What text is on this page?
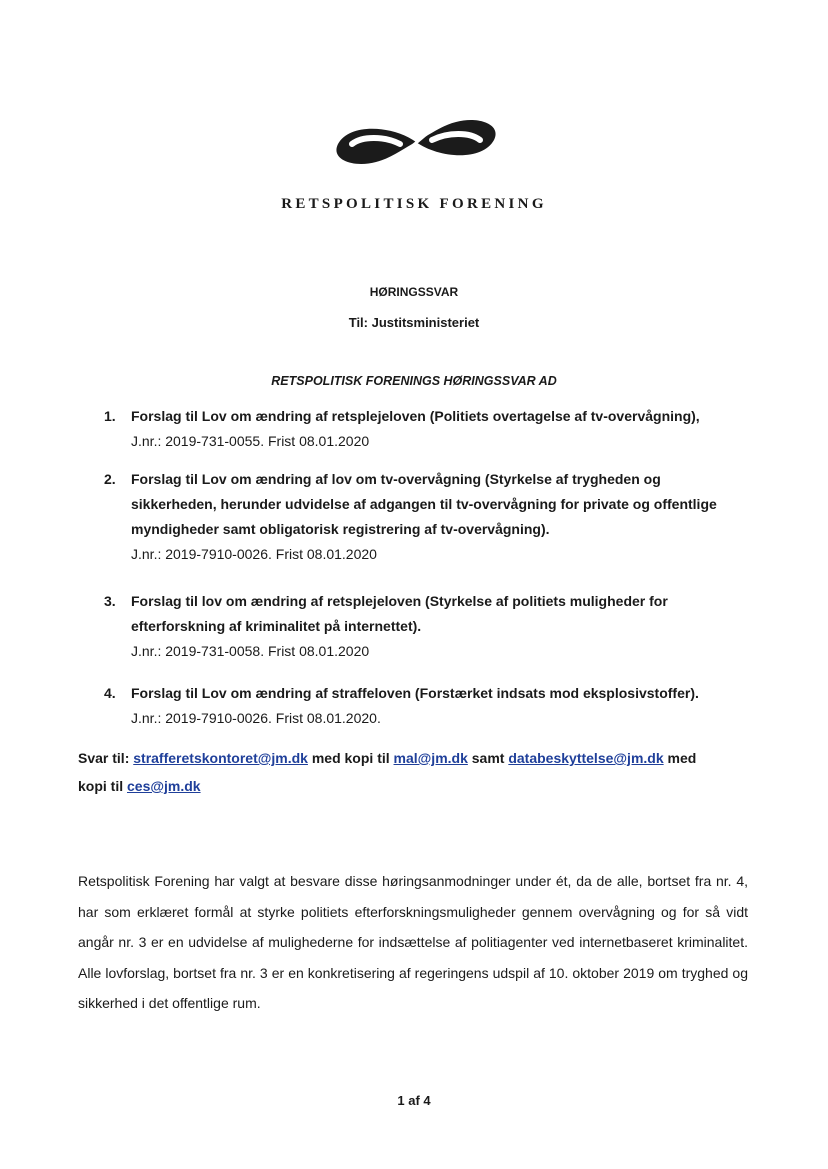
RETSPOLITISK FORENING
HØRINGSSVAR
Til: Justitsministeriet
RETSPOLITISK FORENINGS HØRINGSSVAR AD
1. Forslag til Lov om ændring af retsplejeloven (Politiets overtagelse af tv-overvågning),
J.nr.: 2019-731-0055. Frist 08.01.2020
2. Forslag til Lov om ændring af lov om tv-overvågning (Styrkelse af trygheden og
sikkerheden, herunder udvidelse af adgangen til tv-overvågning for private og offentlige
myndigheder samt obligatorisk registrering af tv-overvågning).
J.nr.: 2019-7910-0026. Frist 08.01.2020
3. Forslag til lov om ændring af retsplejeloven (Styrkelse af politiets muligheder for
efterforskning af kriminalitet på internettet).
J.nr.: 2019-731-0058. Frist 08.01.2020
4. Forslag til Lov om ændring af straffeloven (Forstærket indsats mod eksplosivstoffer).
J.nr.: 2019-7910-0026. Frist 08.01.2020.
Svar til: strafferetskontoret@jm.dk med kopi til mal@jm.dk samt databeskyttelse@jm.dk med
kopi til ces@jm.dk
Retspolitisk Forening har valgt at besvare disse høringsanmodninger under ét, da de alle, bortset fra nr. 4, har som erklæret formål at styrke politiets efterforskningsmuligheder gennem overvågning og for så vidt angår nr. 3 er en udvidelse af mulighederne for indsættelse af politiagenter ved internetbaseret kriminalitet. Alle lovforslag, bortset fra nr. 3 er en konkretisering af regeringens udspil af 10. oktober 2019 om tryghed og sikkerhed i det offentlige rum.
1 af 4
